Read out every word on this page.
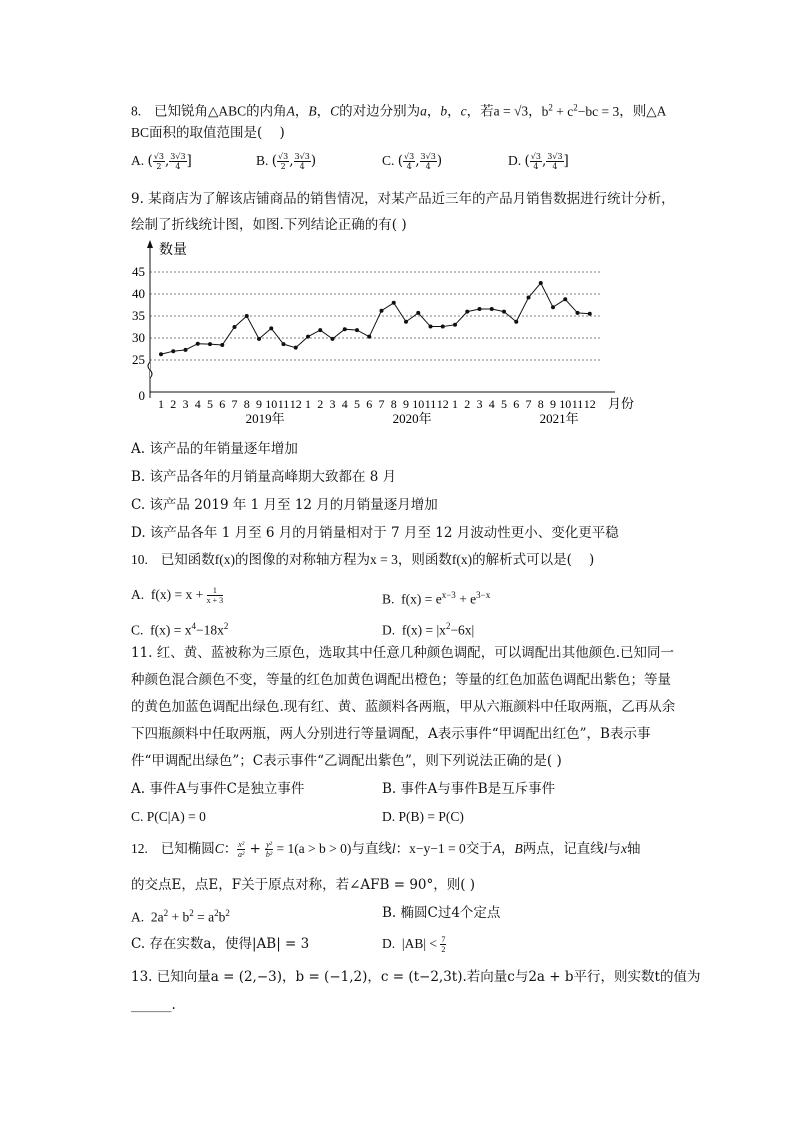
8.   已知锐角△ABC的内角A，B，C的对边分别为a，b，c，若a = √3，$b^2 + c^2-bc = 3$，则△A
BC面积的取值范围是(    )
A. ( $\frac{√3}{2}$ , $\frac{3√3}{4}$ ]	B. ( $\frac{√3}{2}$ , $\frac{3√3}{4}$ )	C. ( $\frac{√3}{4}$ , $\frac{3√3}{4}$ )	D. ( $\frac{√3}{4}$ , $\frac{3√3}{4}$ ]
9. 某商店为了解该店铺商品的销售情况，对某产品近三年的产品月销售数据进行统计分析，
绘制了折线统计图，如图.下列结论正确的有( )
数量
0
25
30
35
40
45
1 2 3 4 5 6 7 8 9 10 11 12 1 2 3 4 5 6 7 8 9 10 11 12 1 2 3 4 5 6 7 8 9 10 11 12
2019年	2020年	2021年
月份
A. 该产品的年销量逐年增加
B. 该产品各年的月销量高峰期大致都在 8 月
C. 该产品 2019 年 1 月至 12 月的月销量逐月增加
D. 该产品各年 1 月至 6 月的月销量相对于 7 月至 12 月波动性更小、变化更平稳
10.   已知函数f(x)的图像的对称轴方程为x = 3，则函数f(x)的解析式可以是(    )
A.  $f(x) = x + \frac{1}{x + 3}$	B.  $f(x) = e^{x-3} + e^{3-x}$
C.  $f(x) = x^4-18x^2$	D.  $f(x) = |x^2-6x|$
11. 红、黄、蓝被称为三原色，选取其中任意几种颜色调配，可以调配出其他颜色.已知同一
种颜色混合颜色不变，等量的红色加黄色调配出橙色；等量的红色加蓝色调配出紫色；等量
的黄色加蓝色调配出绿色.现有红、黄、蓝颜料各两瓶，甲从六瓶颜料中任取两瓶，乙再从余
下四瓶颜料中任取两瓶，两人分别进行等量调配，A表示事件“甲调配出红色”，B表示事
件“甲调配出绿色”；C表示事件“乙调配出紫色”，则下列说法正确的是( )
A. 事件A与事件C是独立事件	B. 事件A与事件B是互斥事件
C. P(C|A) = 0	D. P(B) = P(C)
12.   已知椭圆C： $\frac{\text{x²}}{\text{a²}} + \frac{\text{y²}}{\text{b²}} = 1(a > b > 0)$与直线l：x−y−1 = 0交于A，B两点，记直线l与x轴
的交点E，点E，F关于原点对称，若∠AFB = 90°，则( )
A.  $2a^2 + b^2 = a^2b^2$	B. 椭圆C过4个定点
C. 存在实数a，使得|AB| = 3	D.  $|AB| < \frac{7}{2}$
13. 已知向量a = (2,−3)，b = (−1,2)，c = (t−2,3t).若向量c与2a + b平行，则实数t的值为
______.
